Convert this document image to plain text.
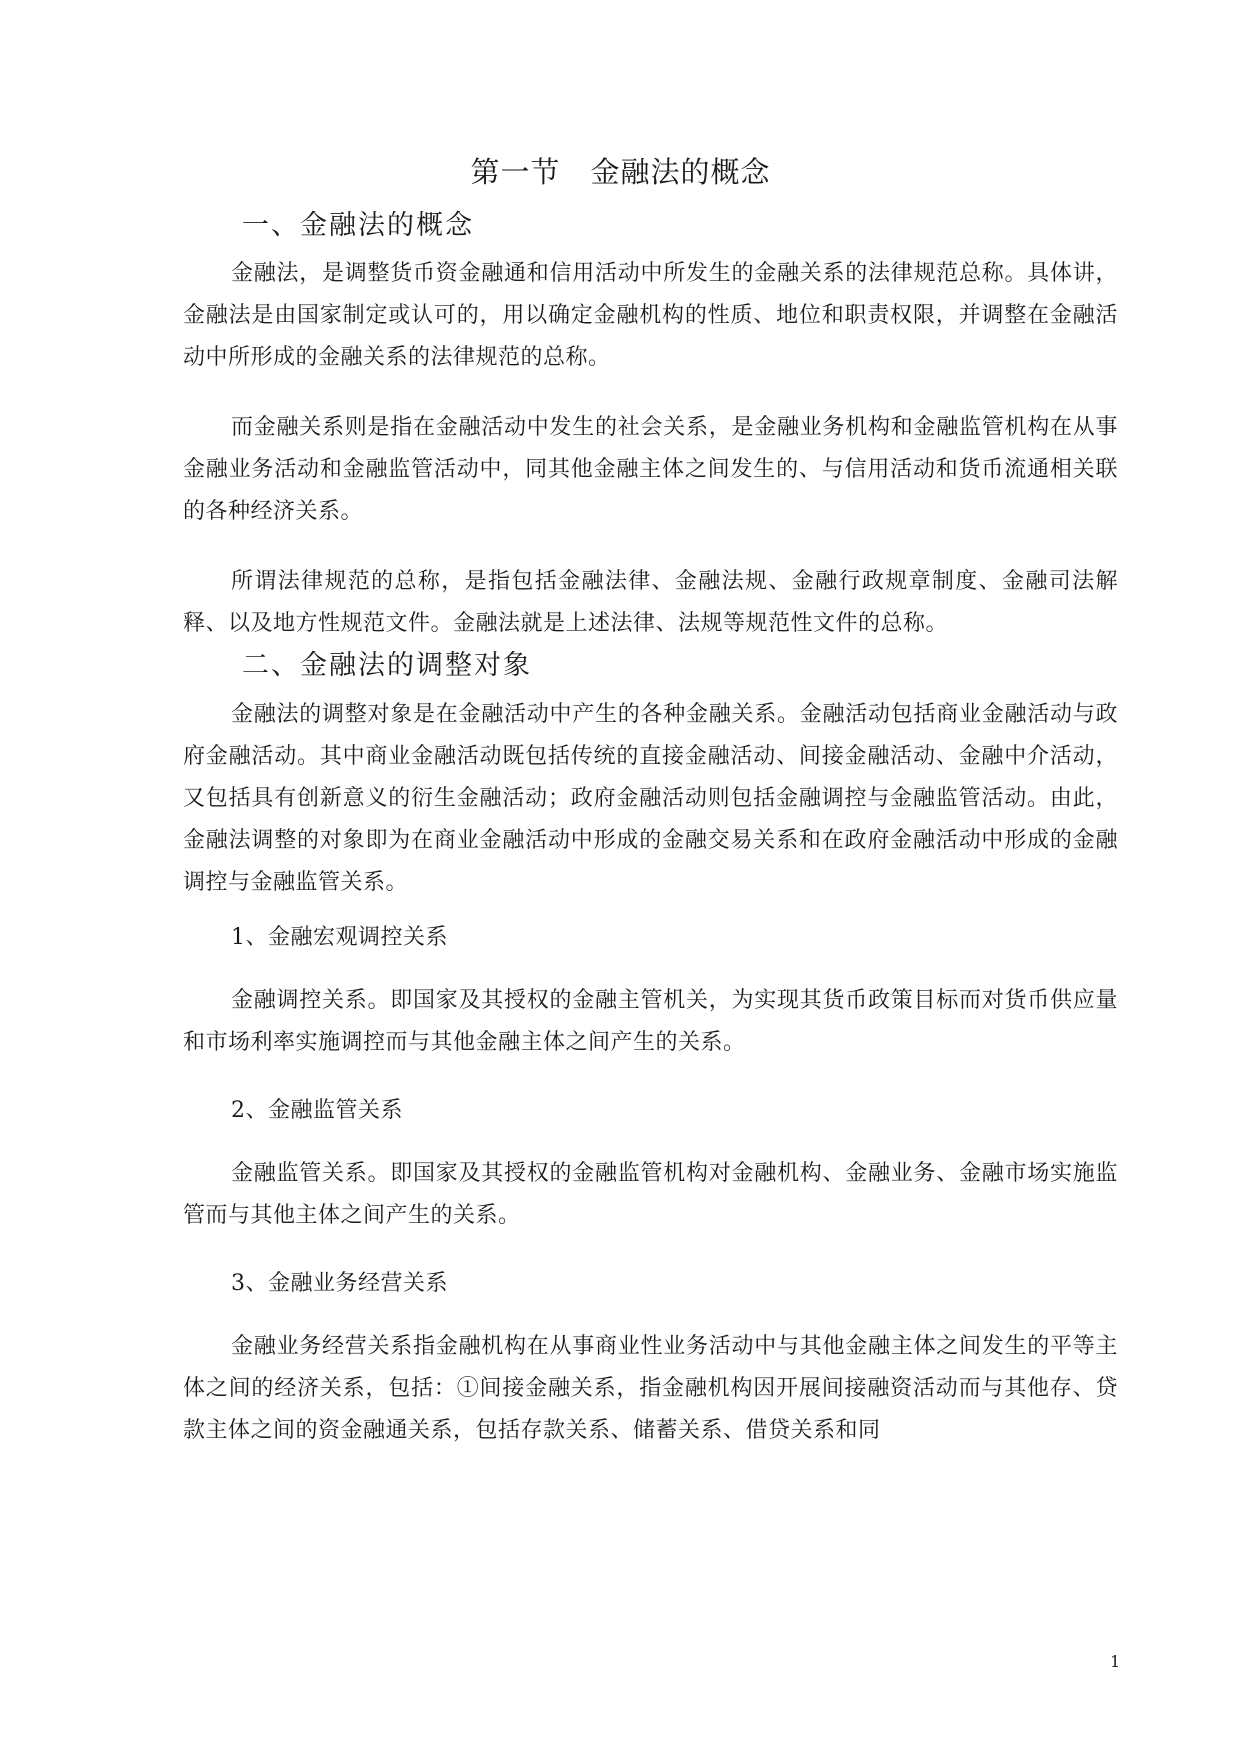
第一节　金融法的概念
一、金融法的概念

金融法，是调整货币资金融通和信用活动中所发生的金融关系的法律规范总称。具体讲，金融法是由国家制定或认可的，用以确定金融机构的性质、地位和职责权限，并调整在金融活动中所形成的金融关系的法律规范的总称。

而金融关系则是指在金融活动中发生的社会关系，是金融业务机构和金融监管机构在从事金融业务活动和金融监管活动中，同其他金融主体之间发生的、与信用活动和货币流通相关联的各种经济关系。

所谓法律规范的总称，是指包括金融法律、金融法规、金融行政规章制度、金融司法解释、以及地方性规范文件。金融法就是上述法律、法规等规范性文件的总称。

二、金融法的调整对象

金融法的调整对象是在金融活动中产生的各种金融关系。金融活动包括商业金融活动与政府金融活动。其中商业金融活动既包括传统的直接金融活动、间接金融活动、金融中介活动，又包括具有创新意义的衍生金融活动；政府金融活动则包括金融调控与金融监管活动。由此，金融法调整的对象即为在商业金融活动中形成的金融交易关系和在政府金融活动中形成的金融调控与金融监管关系。

1、金融宏观调控关系

金融调控关系。即国家及其授权的金融主管机关，为实现其货币政策目标而对货币供应量和市场利率实施调控而与其他金融主体之间产生的关系。

2、金融监管关系

金融监管关系。即国家及其授权的金融监管机构对金融机构、金融业务、金融市场实施监管而与其他主体之间产生的关系。

3、金融业务经营关系

金融业务经营关系指金融机构在从事商业性业务活动中与其他金融主体之间发生的平等主体之间的经济关系，包括：①间接金融关系，指金融机构因开展间接融资活动而与其他存、贷款主体之间的资金融通关系，包括存款关系、储蓄关系、借贷关系和同

1
